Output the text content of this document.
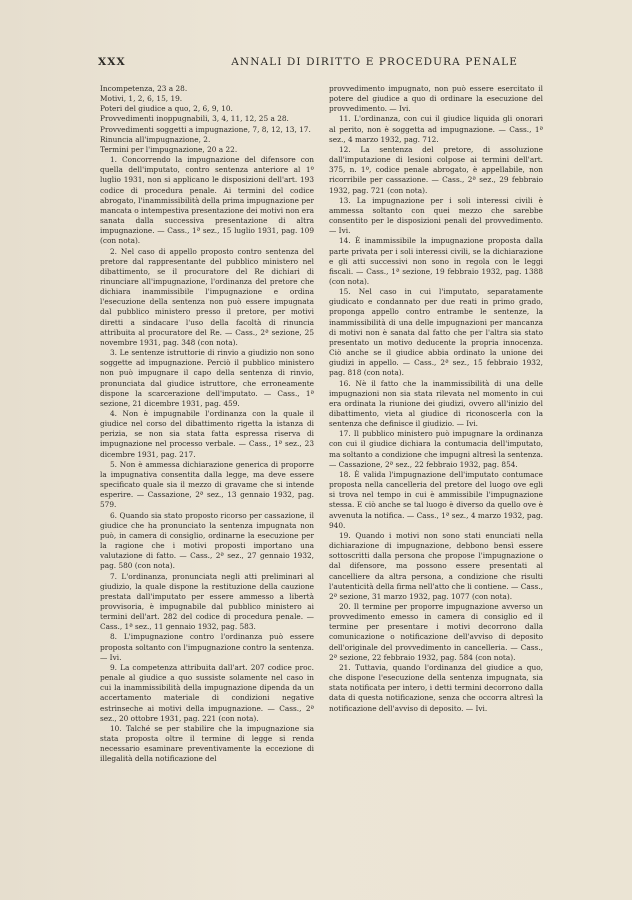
XXX	ANNALI DI DIRITTO E PROCEDURA PENALE
Incompetenza, 23 a 28.
Motivi, 1, 2, 6, 15, 19.
Poteri del giudice a quo, 2, 6, 9, 10.
Provvedimenti inoppugnabili, 3, 4, 11, 12, 25 a 28.
Provvedimenti soggetti a impugnazione, 7, 8, 12, 13, 17.
Rinuncia all'impugnazione, 2.
Termini per l'impugnazione, 20 a 22.

1. Concorrendo la impugnazione del difensore con quella dell'imputato, contro sentenza anteriore al 1º luglio 1931, non si applicano le disposizioni dell'art. 193 codice di procedura penale. Ai termini del codice abrogato, l'inammissibilità della prima impugnazione per mancata o intempestiva presentazione dei motivi non era sanata dalla successiva presentazione di altra impugnazione. — Cass., 1ª sez., 15 luglio 1931, pag. 109 (con nota).

2. Nel caso di appello proposto contro sentenza del pretore dal rappresentante del pubblico ministero nel dibattimento, se il procuratore del Re dichiari di rinunciare all'impugnazione, l'ordinanza del pretore che dichiara inammissibile l'impugnazione e ordina l'esecuzione della sentenza non può essere impugnata dal pubblico ministero presso il pretore, per motivi diretti a sindacare l'uso della facoltà di rinuncia attribuita al procuratore del Re. — Cass., 2ª sezione, 25 novembre 1931, pag. 348 (con nota).

3. Le sentenze istruttorie di rinvio a giudizio non sono soggette ad impugnazione. Perciò il pubblico ministero non può impugnare il capo della sentenza di rinvio, pronunciata dal giudice istruttore, che erroneamente dispone la scarcerazione dell'imputato. — Cass., 1ª sezione, 21 dicembre 1931, pag. 459.

4. Non è impugnabile l'ordinanza con la quale il giudice nel corso del dibattimento rigetta la istanza di perizia, se non sia stata fatta espressa riserva di impugnazione nel processo verbale. — Cass., 1ª sez., 23 dicembre 1931, pag. 217.

5. Non è ammessa dichiarazione generica di proporre la impugnativa consentita dalla legge, ma deve essere specificato quale sia il mezzo di gravame che si intende esperire. — Cassazione, 2ª sez., 13 gennaio 1932, pag. 579.

6. Quando sia stato proposto ricorso per cassazione, il giudice che ha pronunciato la sentenza impugnata non può, in camera di consiglio, ordinarne la esecuzione per la ragione che i motivi proposti importano una valutazione di fatto. — Cass., 2ª sez., 27 gennaio 1932, pag. 580 (con nota).

7. L'ordinanza, pronunciata negli atti preliminari al giudizio, la quale dispone la restituzione della cauzione prestata dall'imputato per essere ammesso a libertà provvisoria, è impugnabile dal pubblico ministero ai termini dell'art. 282 del codice di procedura penale. — Cass., 1ª sez., 11 gennaio 1932, pag. 583.

8. L'impugnazione contro l'ordinanza può essere proposta soltanto con l'impugnazione contro la sentenza. — Ivi.

9. La competenza attribuita dall'art. 207 codice proc. penale al giudice a quo sussiste solamente nel caso in cui la inammissibilità della impugnazione dipenda da un accertamento materiale di condizioni negative estrinseche ai motivi della impugnazione. — Cass., 2ª sez., 20 ottobre 1931, pag. 221 (con nota).

10. Talché se per stabilire che la impugnazione sia stata proposta oltre il termine di legge si renda necessario esaminare preventivamente la eccezione di illegalità della notificazione del

provvedimento impugnato, non può essere esercitato il potere del giudice a quo di ordinare la esecuzione del provvedimento. — Ivi.

11. L'ordinanza, con cui il giudice liquida gli onorari al perito, non è soggetta ad impugnazione. — Cass., 1ª sez., 4 marzo 1932, pag. 712.

12. La sentenza del pretore, di assoluzione dall'imputazione di lesioni colpose ai termini dell'art. 375, n. 1º, codice penale abrogato, è appellabile, non ricorribile per cassazione. — Cass., 2ª sez., 29 febbraio 1932, pag. 721 (con nota).

13. La impugnazione per i soli interessi civili è ammessa soltanto con quei mezzo che sarebbe consentito per le disposizioni penali del provvedimento. — Ivi.

14. È inammissibile la impugnazione proposta dalla parte privata per i soli interessi civili, se la dichiarazione e gli atti successivi non sono in regola con le leggi fiscali. — Cass., 1ª sezione, 19 febbraio 1932, pag. 1388 (con nota).

15. Nel caso in cui l'imputato, separatamente giudicato e condannato per due reati in primo grado, proponga appello contro entrambe le sentenze, la inammissibilità di una delle impugnazioni per mancanza di motivi non è sanata dal fatto che per l'altra sia stato presentato un motivo deducente la propria innocenza. Ciò anche se il giudice abbia ordinato la unione dei giudizi in appello. — Cass., 2ª sez., 15 febbraio 1932, pag. 818 (con nota).

16. Nè il fatto che la inammissibilità di una delle impugnazioni non sia stata rilevata nel momento in cui era ordinata la riunione dei giudizi, ovvero all'inizio del dibattimento, vieta al giudice di riconoscerla con la sentenza che definisce il giudizio. — Ivi.

17. Il pubblico ministero può impugnare la ordinanza con cui il giudice dichiara la contumacia dell'imputato, ma soltanto a condizione che impugni altresì la sentenza. — Cassazione, 2ª sez., 22 febbraio 1932, pag. 854.

18. È valida l'impugnazione dell'imputato contumace proposta nella cancelleria del pretore del luogo ove egli si trova nel tempo in cui è ammissibile l'impugnazione stessa. E ciò anche se tal luogo è diverso da quello ove è avvenuta la notifica. — Cass., 1ª sez., 4 marzo 1932, pag. 940.

19. Quando i motivi non sono stati enunciati nella dichiarazione di impugnazione, debbono bensì essere sottoscritti dalla persona che propose l'impugnazione o dal difensore, ma possono essere presentati al cancelliere da altra persona, a condizione che risulti l'autenticità della firma nell'atto che li contiene. — Cass., 2ª sezione, 31 marzo 1932, pag. 1077 (con nota).

20. Il termine per proporre impugnazione avverso un provvedimento emesso in camera di consiglio ed il termine per presentare i motivi decorrono dalla comunicazione o notificazione dell'avviso di deposito dell'originale del provvedimento in cancelleria. — Cass., 2ª sezione, 22 febbraio 1932, pag. 584 (con nota).

21. Tuttavia, quando l'ordinanza del giudice a quo, che dispone l'esecuzione della sentenza impugnata, sia stata notificata per intero, i detti termini decorrono dalla data di questa notificazione, senza che occorra altresì la notificazione dell'avviso di deposito. — Ivi.
